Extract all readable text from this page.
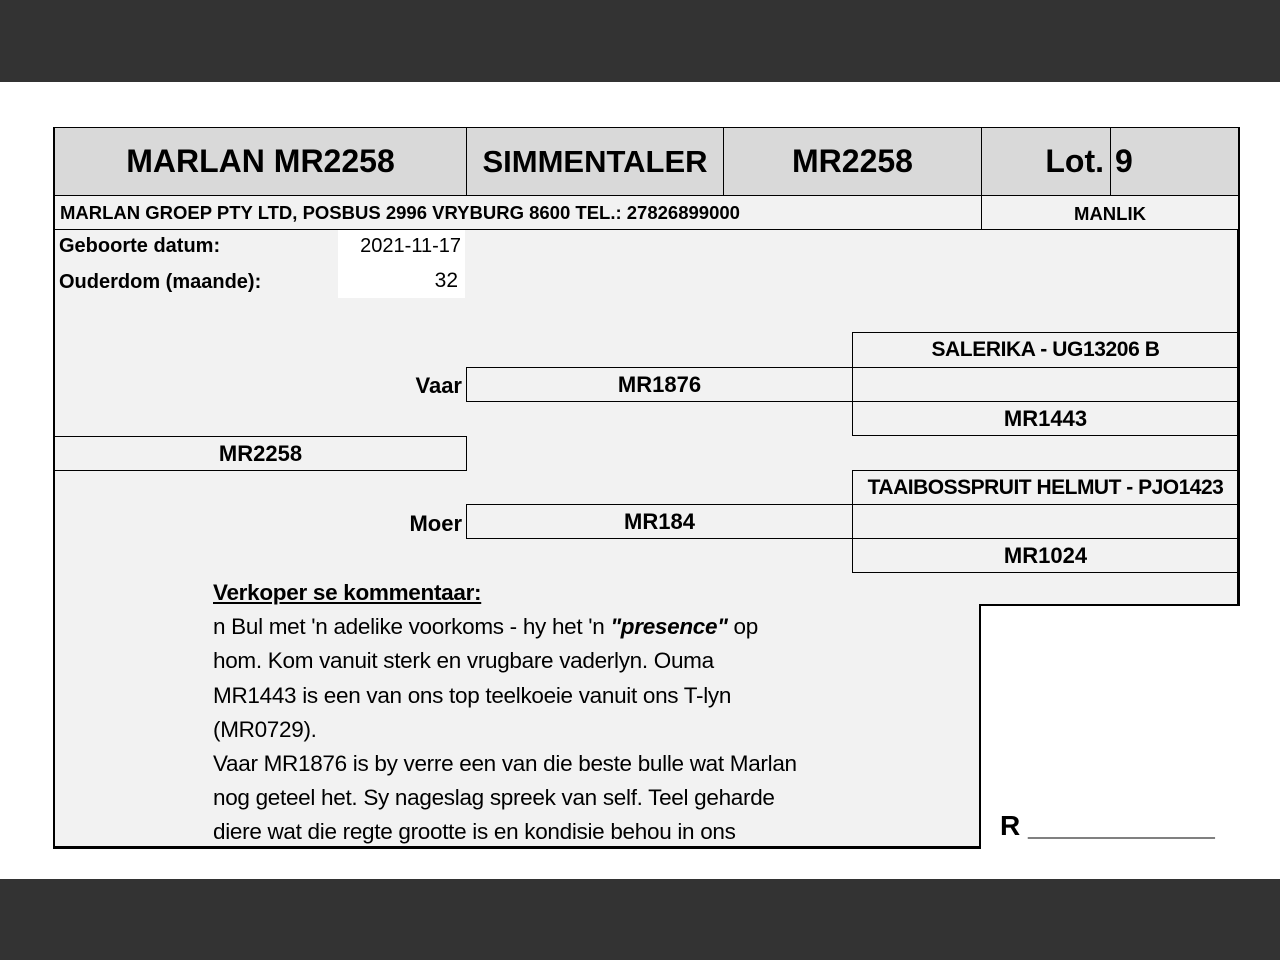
MARLAN MR2258	SIMMENTALER	MR2258	Lot. 9
MARLAN GROEP PTY LTD, POSBUS 2996 VRYBURG 8600 TEL.: 27826899000	MANLIK
Geboorte datum:	2021-11-17
Ouderdom (maande):	32
SALERIKA - UG13206 B
Vaar	MR1876
MR1443
MR2258
TAAIBOSSPRUIT HELMUT - PJO1423
Moer	MR184
MR1024

Verkoper se kommentaar:

n Bul met 'n adelike voorkoms - hy het 'n "presence" op

hom. Kom vanuit sterk en vrugbare vaderlyn. Ouma

MR1443 is een van ons top teelkoeie vanuit ons T-lyn

(MR0729).

Vaar MR1876 is by verre een van die beste bulle wat Marlan

nog geteel het. Sy nageslag spreek van self. Teel geharde

diere wat die regte grootte is en kondisie behou in ons	R ____________
